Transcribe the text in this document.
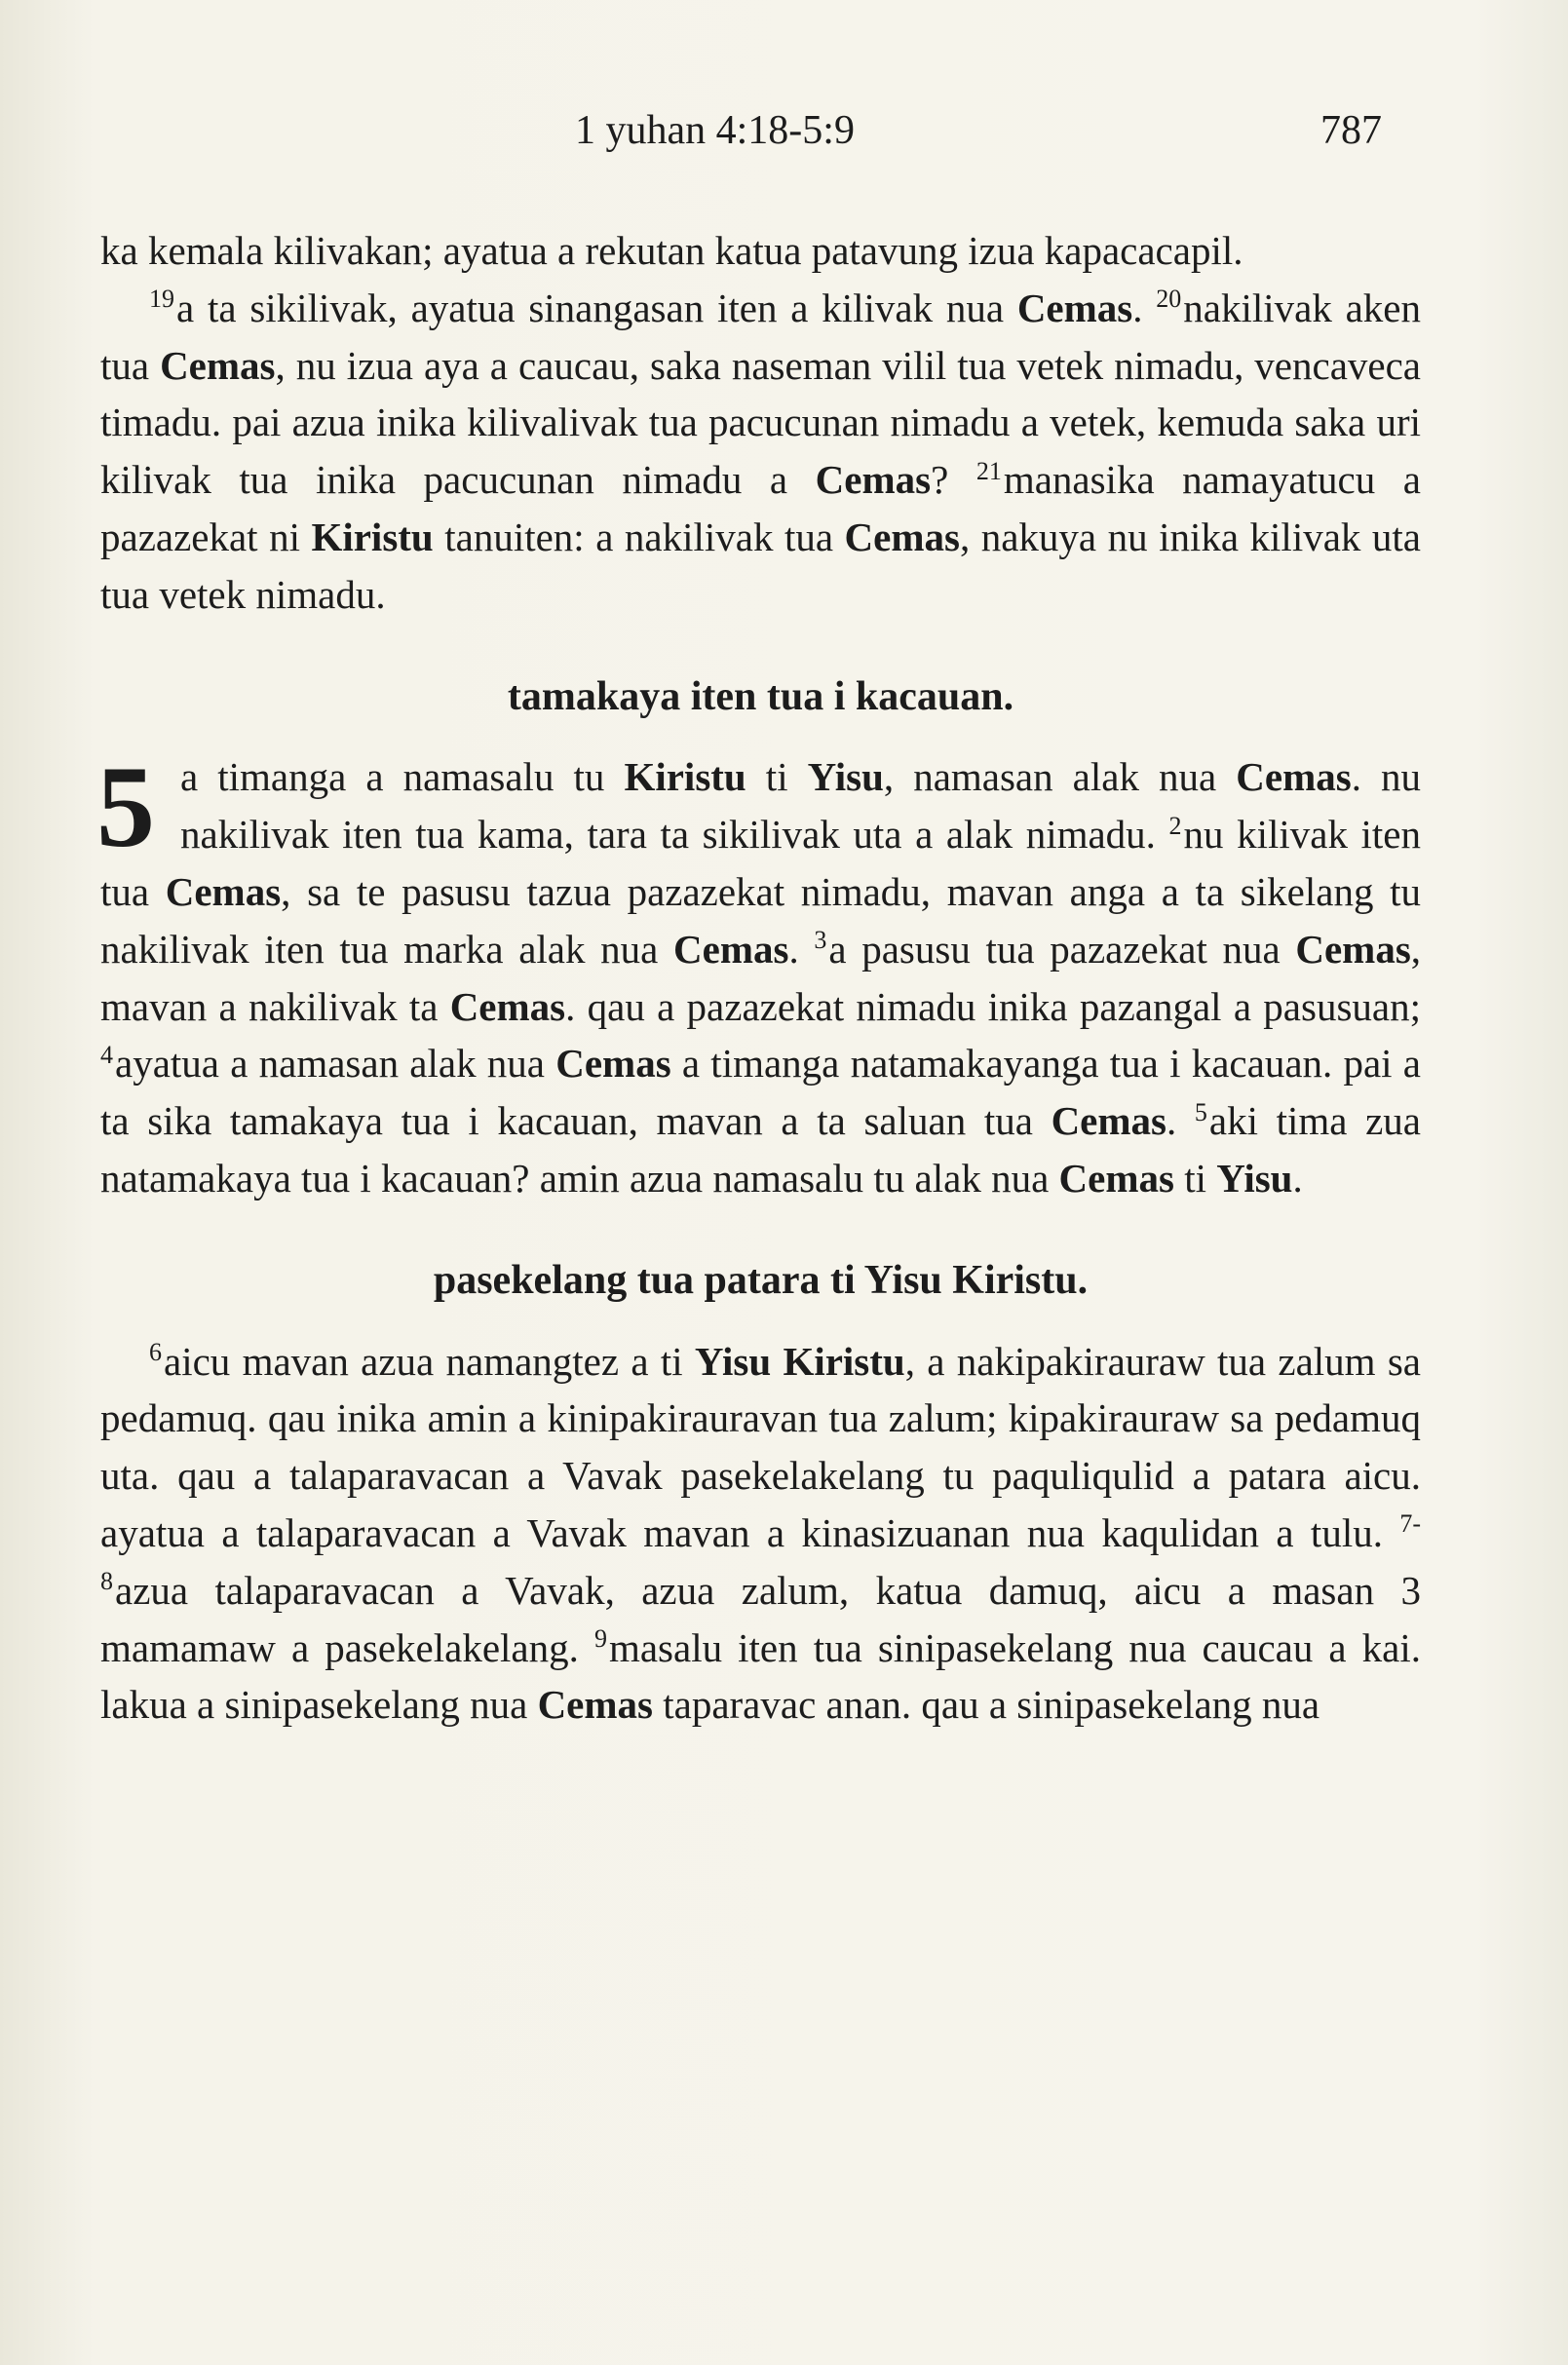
1 yuhan 4:18-5:9	787

ka kemala kilivakan; ayatua a rekutan katua patavung izua kapacacapil.

$^{19}$a ta sikilivak, ayatua sinangasan iten a kilivak nua Cemas. $^{20}$nakilivak aken tua Cemas, nu izua aya a caucau, saka naseman vilil tua vetek nimadu, vencaveca timadu. pai azua inika kilivalivak tua pacucunan nimadu a vetek, kemuda saka uri kilivak tua inika pacucunan nimadu a Cemas? $^{21}$manasika namayatucu a pazazekat ni Kiristu tanuiten: a nakilivak tua Cemas, nakuya nu inika kilivak uta tua vetek nimadu.

tamakaya iten tua i kacauan.

5 a timanga a namasalu tu Kiristu ti Yisu, namasan alak nua Cemas. nu nakilivak iten tua kama, tara ta sikilivak uta a alak nimadu. $^2$nu kilivak iten tua Cemas, sa te pasusu tazua pazazekat nimadu, mavan anga a ta sikelang tu nakilivak iten tua marka alak nua Cemas. $^3$a pasusu tua pazazekat nua Cemas, mavan a nakilivak ta Cemas. qau a pazazekat nimadu inika pazangal a pasusuan; $^4$ayatua a namasan alak nua Cemas a timanga natamakayanga tua i kacauan. pai a ta sika tamakaya tua i kacauan, mavan a ta saluan tua Cemas. $^5$aki tima zua natamakaya tua i kacauan? amin azua namasalu tu alak nua Cemas ti Yisu.

pasekelang tua patara ti Yisu Kiristu.

$^6$aicu mavan azua namangtez a ti Yisu Kiristu, a nakipakirauraw tua zalum sa pedamuq. qau inika amin a kinipakirauravan tua zalum; kipakirauraw sa pedamuq uta. qau a talaparavacan a Vavak pasekelakelang tu paquliqulid a patara aicu. ayatua a talaparavacan a Vavak mavan a kinasizuanan nua kaqulidan a tulu. $^{7-8}$azua talaparavacan a Vavak, azua zalum, katua damuq, aicu a masan 3 mamamaw a pasekelakelang. $^9$masalu iten tua sinipasekelang nua caucau a kai. lakua a sinipasekelang nua Cemas taparavac anan. qau a sinipasekelang nua
